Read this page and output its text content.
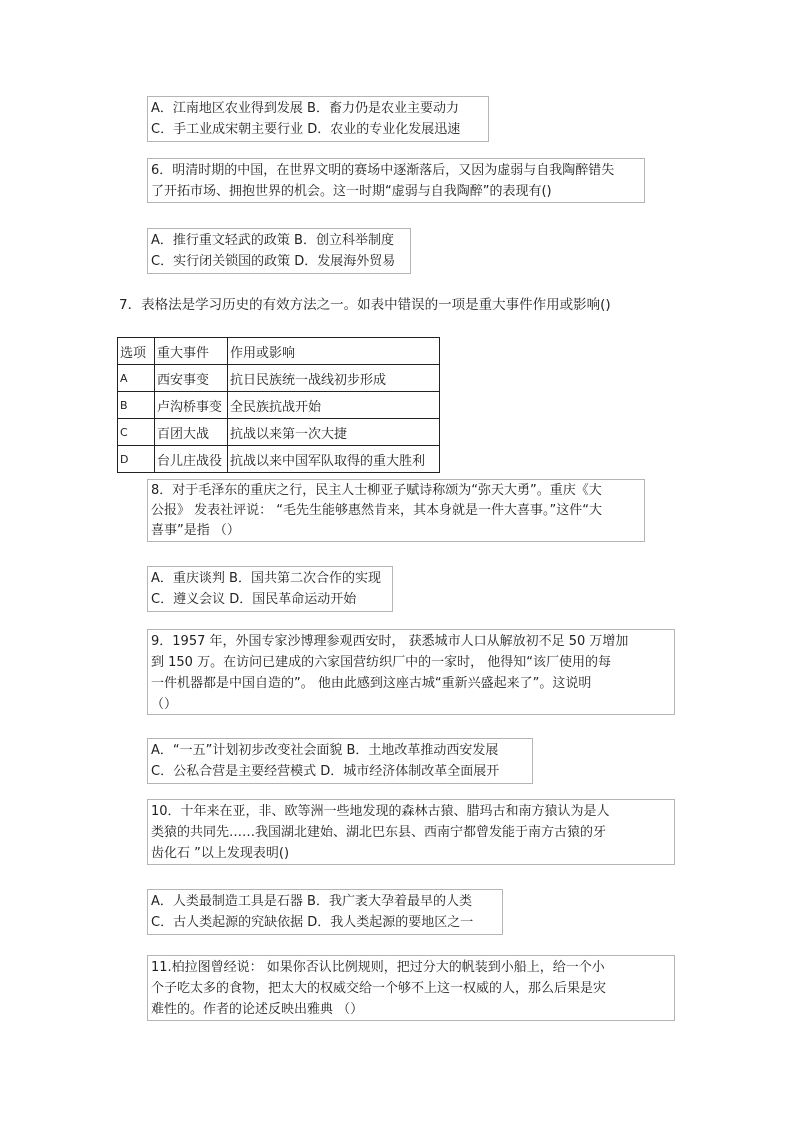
A．江南地区农业得到发展 B．畜力仍是农业主要动力
C．手工业成宋朝主要行业 D．农业的专业化发展迅速
6．明清时期的中国，在世界文明的赛场中逐渐落后，又因为虚弱与自我陶醉错失
了开拓市场、拥抱世界的机会。这一时期“虚弱与自我陶醉”的表现有()
A．推行重文轻武的政策 B．创立科举制度
C．实行闭关锁国的政策 D．发展海外贸易
7．表格法是学习历史的有效方法之一。如表中错误的一项是重大事件作用或影响()
选项	重大事件	作用或影响
A	西安事变	抗日民族统一战线初步形成
B	卢沟桥事变	全民族抗战开始
C	百团大战	抗战以来第一次大捷
D	台儿庄战役	抗战以来中国军队取得的重大胜利
8．对于毛泽东的重庆之行，民主人士柳亚子赋诗称颂为“弥天大勇”。重庆《大
公报》 发表社评说： “毛先生能够惠然肯来，其本身就是一件大喜事。”这件“大
喜事”是指 （）
A．重庆谈判 B．国共第二次合作的实现
C．遵义会议 D．国民革命运动开始
9．1957 年，外国专家沙博理参观西安时， 获悉城市人口从解放初不足 50 万增加
到 150 万。在访问已建成的六家国营纺织厂中的一家时， 他得知“该厂使用的每
一件机器都是中国自造的”。 他由此感到这座古城“重新兴盛起来了”。这说明
（）
A．“一五”计划初步改变社会面貌 B．土地改革推动西安发展
C．公私合营是主要经营模式 D．城市经济体制改革全面展开
10．十年来在亚，非、欧等洲一些地发现的森林古猿、腊玛古和南方猿认为是人
类猿的共同先……我国湖北建始、湖北巴东县、西南宁都曾发能于南方古猿的牙
齿化石 ”以上发现表明()
A．人类最制造工具是石器 B．我广袤大孕着最早的人类
C．古人类起源的究缺依据 D．我人类起源的要地区之一
11.柏拉图曾经说： 如果你否认比例规则，把过分大的帆装到小船上，给一个小
个子吃太多的食物，把太大的权威交给一个够不上这一权威的人，那么后果是灾
难性的。作者的论述反映出雅典 （）
